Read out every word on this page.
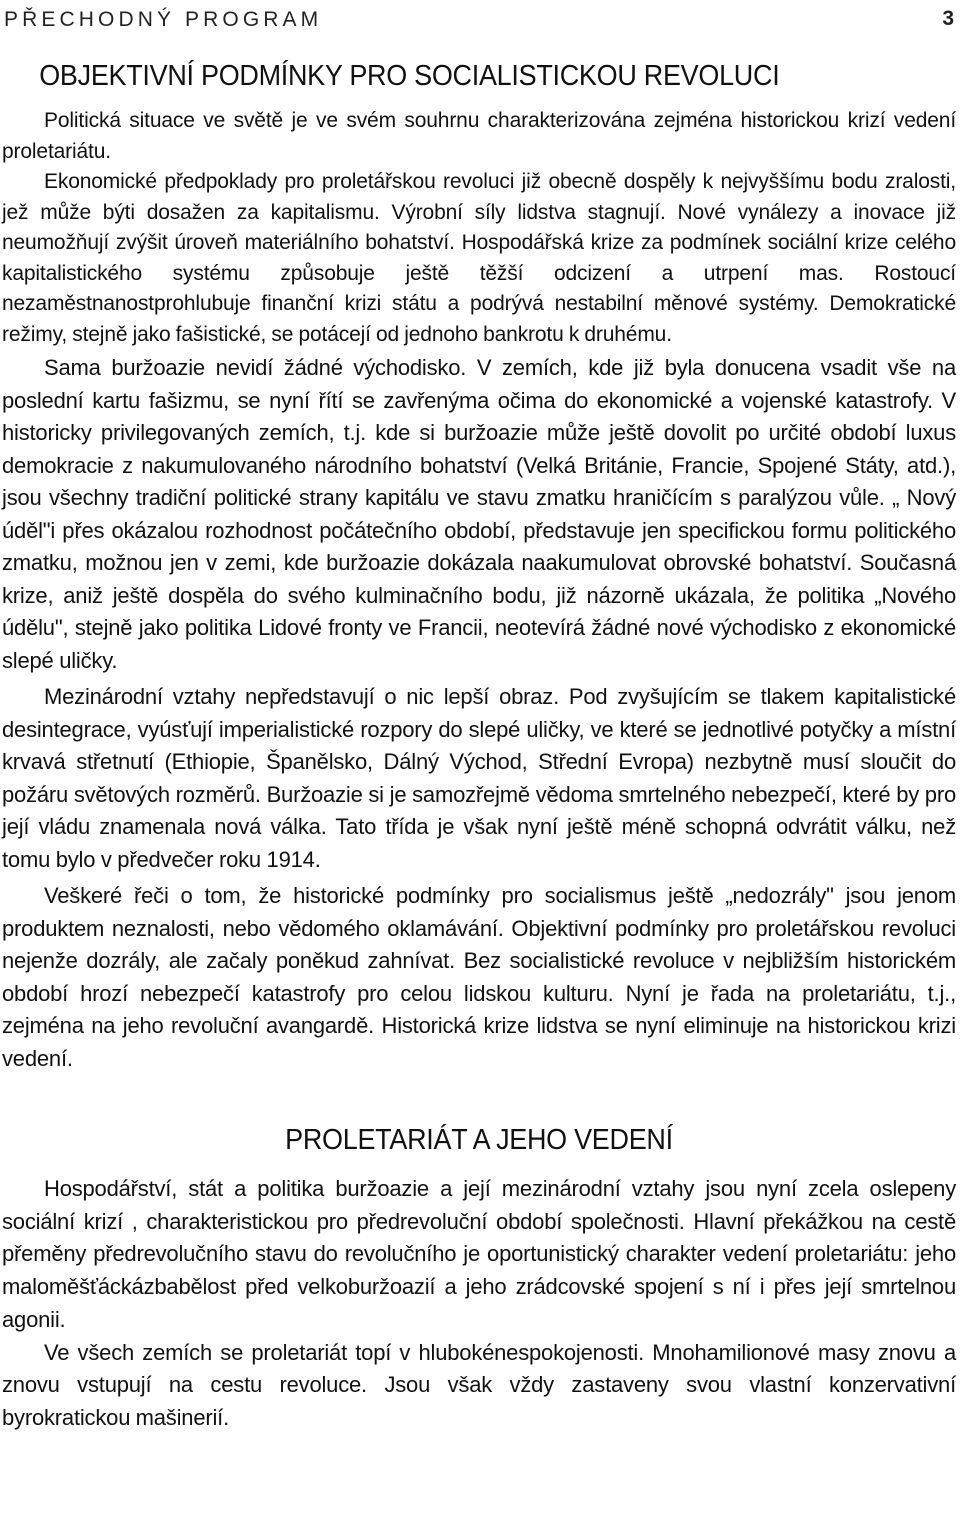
PŘECHODNÝ PROGRAM	3
OBJEKTIVNÍ PODMÍNKY PRO SOCIALISTICKOU REVOLUCI

Politická situace ve světě je ve svém souhrnu charakterizována zejména historickou krizí vedení proletariátu.

Ekonomické předpoklady pro proletářskou revoluci již obecně dospěly k nejvyššímu bodu zralosti, jež může býti dosažen za kapitalismu. Výrobní síly lidstva stagnují. Nové vynálezy a inovace již neumožňují zvýšit úroveň materiálního bohatství. Hospodářská krize za podmínek sociální krize celého kapitalistického systému způsobuje ještě těžší odcizení a utrpení mas. Rostoucí nezaměstnanostprohlubuje finanční krizi státu a podrývá nestabilní měnové systémy. Demokratické režimy, stejně jako fašistické, se potácejí od jednoho bankrotu k druhému.

Sama buržoazie nevidí žádné východisko. V zemích, kde již byla donucena vsadit vše na poslední kartu fašizmu, se nyní řítí se zavřenýma očima do ekonomické a vojenské katastrofy. V historicky privilegovaných zemích, t.j. kde si buržoazie může ještě dovolit po určité období luxus demokracie z nakumulovaného národního bohatství (Velká Británie, Francie, Spojené Státy, atd.), jsou všechny tradiční politické strany kapitálu ve stavu zmatku hraničícím s paralýzou vůle. „ Nový úděl"i přes okázalou rozhodnost počátečního období, představuje jen specifickou formu politického zmatku, možnou jen v zemi, kde buržoazie dokázala naakumulovat obrovské bohatství. Současná krize, aniž ještě dospěla do svého kulminačního bodu, již názorně ukázala, že politika „Nového údělu", stejně jako politika Lidové fronty ve Francii, neotevírá žádné nové východisko z ekonomické slepé uličky.

Mezinárodní vztahy nepředstavují o nic lepší obraz. Pod zvyšujícím se tlakem kapitalistické desintegrace, vyúsťují imperialistické rozpory do slepé uličky, ve které se jednotlivé potyčky a místní krvavá střetnutí (Ethiopie, Španělsko, Dálný Východ, Střední Evropa) nezbytně musí sloučit do požáru světových rozměrů. Buržoazie si je samozřejmě vědoma smrtelného nebezpečí, které by pro její vládu znamenala nová válka. Tato třída je však nyní ještě méně schopná odvrátit válku, než tomu bylo v předvečer roku 1914.

Veškeré řeči o tom, že historické podmínky pro socialismus ještě „nedozrály" jsou jenom produktem neznalosti, nebo vědomého oklamávání. Objektivní podmínky pro proletářskou revoluci nejenže dozrály, ale začaly poněkud zahnívat. Bez socialistické revoluce v nejbližším historickém období hrozí nebezpečí katastrofy pro celou lidskou kulturu. Nyní je řada na proletariátu, t.j., zejména na jeho revoluční avangardě. Historická krize lidstva se nyní eliminuje na historickou krizi vedení.

PROLETARIÁT A JEHO VEDENÍ

Hospodářství, stát a politika buržoazie a její mezinárodní vztahy jsou nyní zcela oslepeny sociální krizí , charakteristickou pro předrevoluční období společnosti. Hlavní překážkou na cestě přeměny předrevolučního stavu do revolučního je oportunistický charakter vedení proletariátu: jeho maloměšťáckázbabělost před velkoburžoazií a jeho zrádcovské spojení s ní i přes její smrtelnou agonii.

Ve všech zemích se proletariát topí v hlubokénespokojenosti. Mnohamilionové masy znovu a znovu vstupují na cestu revoluce. Jsou však vždy zastaveny svou vlastní konzervativní byrokratickou mašinerií.
